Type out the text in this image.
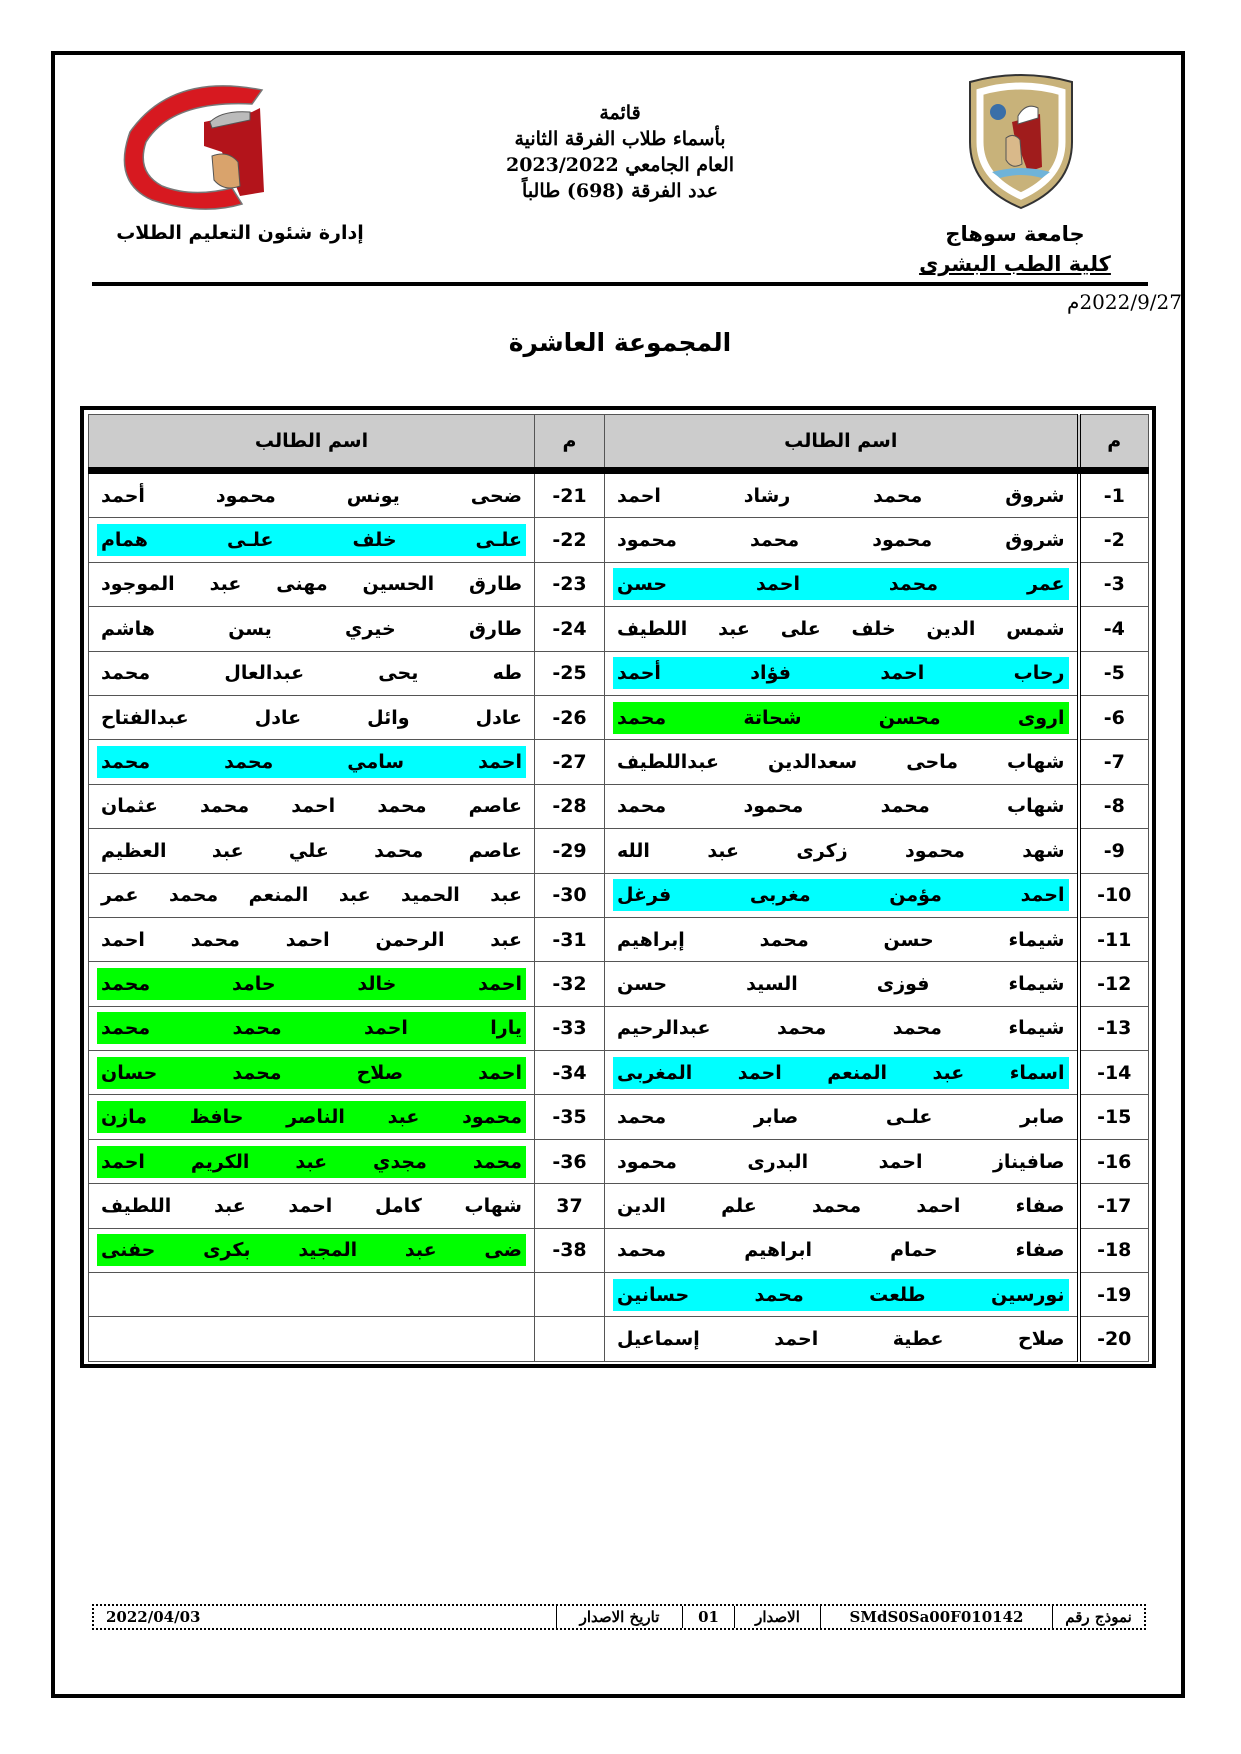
جامعة سوهاج
كلية الطب البشرى
إدارة شئون التعليم الطلاب
قائمة
بأسماء طلاب الفرقة الثانية
العام الجامعي 2023/2022
عدد الفرقة (698) طالباً
2022/9/27م
المجموعة العاشرة
م	اسم الطالب	م	اسم الطالب
-1	شروق محمد رشاد احمد	-21	ضحى يونس محمود أحمد

-2	شروق محمود محمد محمود	-22	علـى خلف علـى همام

-3	عمر محمد احمد حسن	-23	طارق الحسين مهنى عبد الموجود

-4	شمس الدين خلف على عبد اللطيف	-24	طارق خيري يسن هاشم

-5	رحاب احمد فؤاد أحمد	-25	طه يحى عبدالعال محمد

-6	اروى محسن شحاتة محمد	-26	عادل وائل عادل عبدالفتاح

-7	شهاب ماحى سعدالدين عبداللطيف	-27	احمد سامي محمد محمد

-8	شهاب محمد محمود محمد	-28	عاصم محمد احمد محمد عثمان

-9	شهد محمود زكرى عبد الله	-29	عاصم محمد علي عبد العظيم

-10	احمد مؤمن مغربى فرغل	-30	عبد الحميد عبد المنعم محمد عمر

-11	شيماء حسن محمد إبراهيم	-31	عبد الرحمن احمد محمد احمد

-12	شيماء فوزى السيد حسن	-32	احمد خالد حامد محمد

-13	شيماء محمد محمد عبدالرحيم	-33	يارا احمد محمد محمد

-14	اسماء عبد المنعم احمد المغربى	-34	احمد صلاح محمد حسان

-15	صابر علـى صابر محمد	-35	محمود عبد الناصر حافظ مازن

-16	صافيناز احمد البدرى محمود	-36	محمد مجدي عبد الكريم احمد

-17	صفاء احمد محمد علم الدين	37	شهاب كامل احمد عبد اللطيف

-18	صفاء حمام ابراهيم محمد	-38	ضى عبد المجيد بكرى حفنى

-19	نورسين طلعت محمد حسانين		

-20	صلاح عطية احمد إسماعيل		

نموذج رقم
SMdS0Sa00F010142
الاصدار
01
تاريخ الاصدار
2022/04/03
